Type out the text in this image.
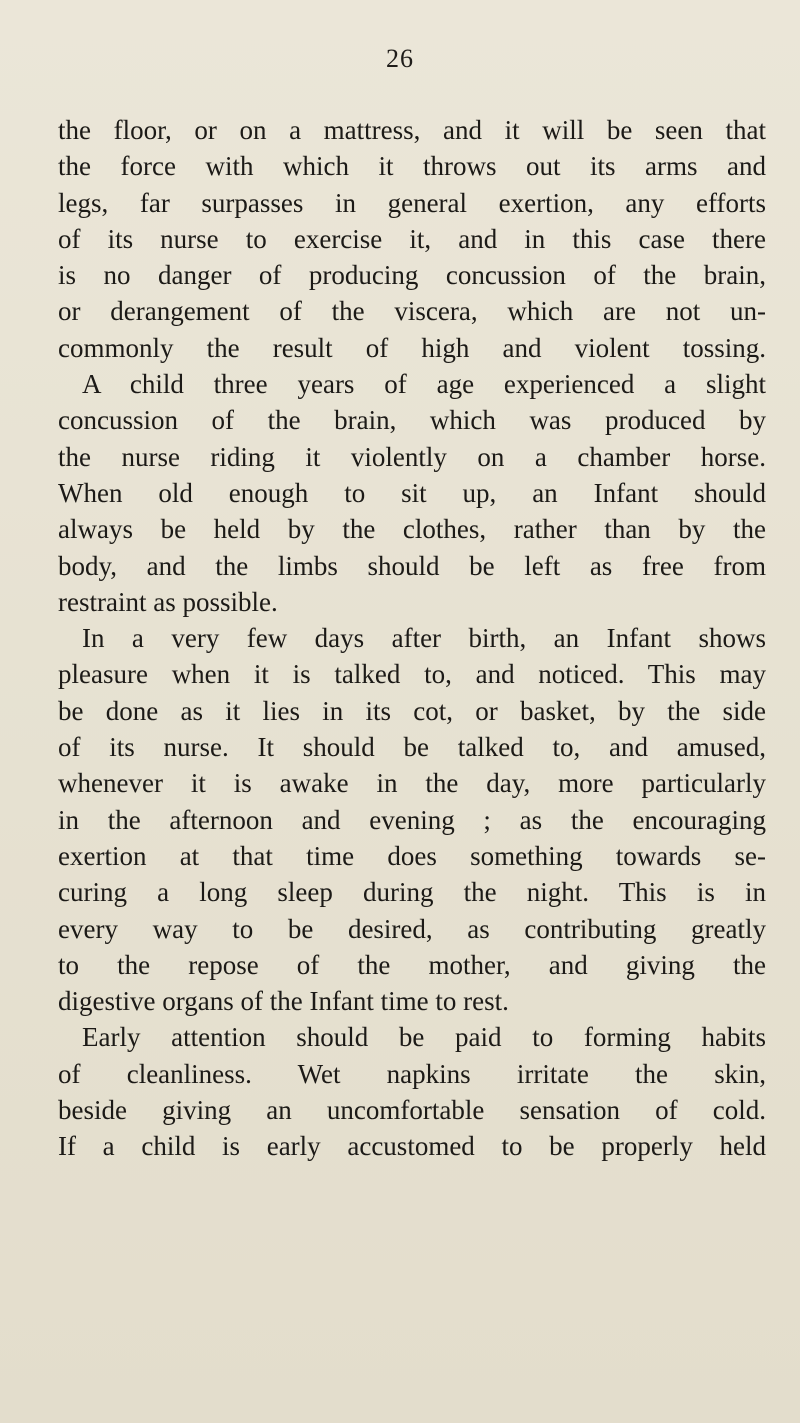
26
the floor, or on a mattress, and it will be seen that
the force with which it throws out its arms and
legs, far surpasses in general exertion, any efforts
of its nurse to exercise it, and in this case there
is no danger of producing concussion of the brain,
or derangement of the viscera, which are not un-
commonly the result of high and violent tossing.
A child three years of age experienced a slight
concussion of the brain, which was produced by
the nurse riding it violently on a chamber horse.
When old enough to sit up, an Infant should
always be held by the clothes, rather than by the
body, and the limbs should be left as free from
restraint as possible.
In a very few days after birth, an Infant shows
pleasure when it is talked to, and noticed. This may
be done as it lies in its cot, or basket, by the side
of its nurse. It should be talked to, and amused,
whenever it is awake in the day, more particularly
in the afternoon and evening ; as the encouraging
exertion at that time does something towards se-
curing a long sleep during the night. This is in
every way to be desired, as contributing greatly
to the repose of the mother, and giving the
digestive organs of the Infant time to rest.
Early attention should be paid to forming habits
of cleanliness. Wet napkins irritate the skin,
beside giving an uncomfortable sensation of cold.
If a child is early accustomed to be properly held
